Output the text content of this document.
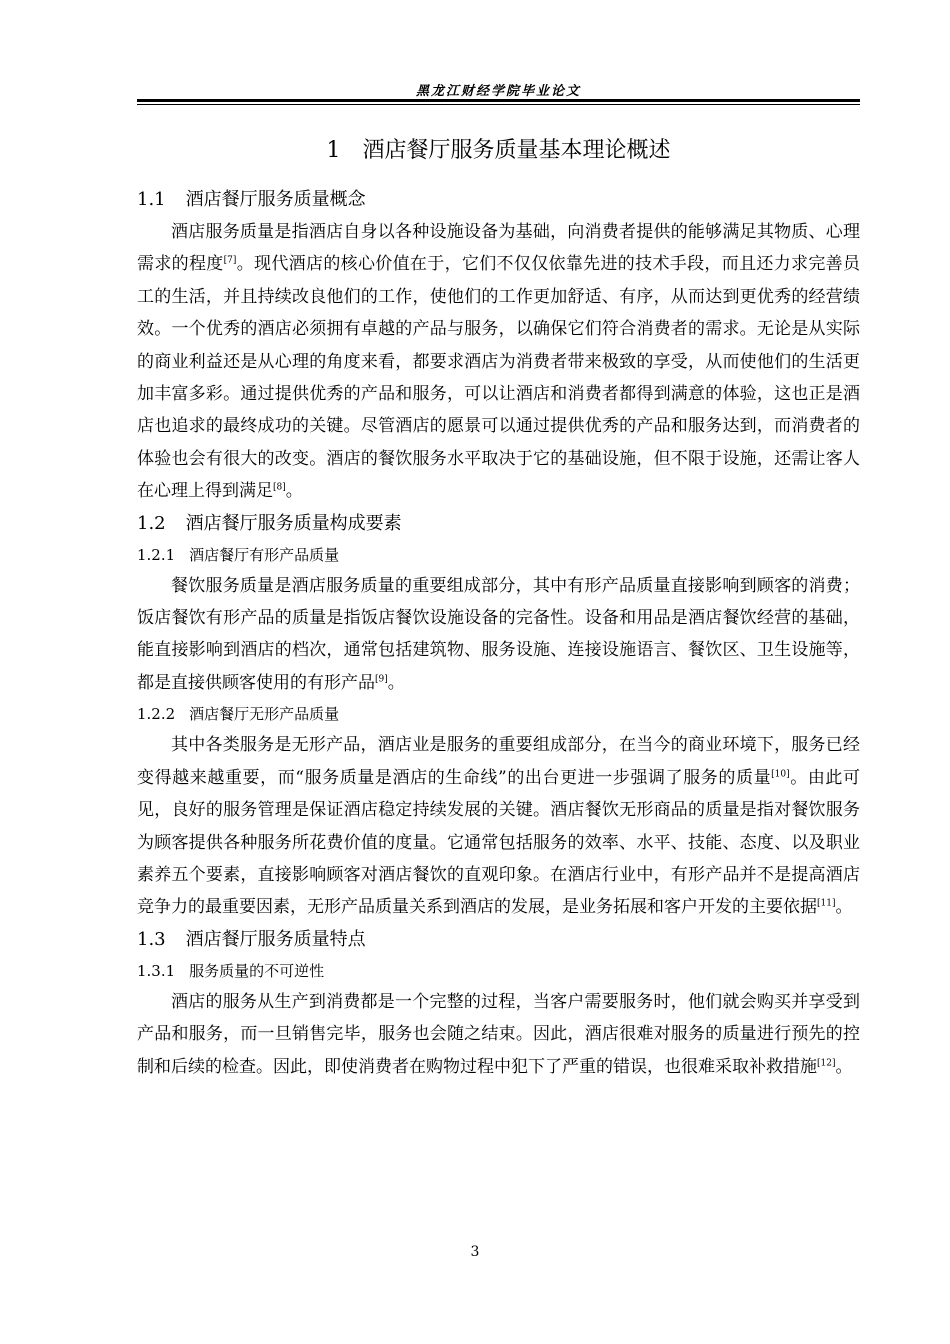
黑龙江财经学院毕业论文
1 酒店餐厅服务质量基本理论概述
1.1 酒店餐厅服务质量概念

酒店服务质量是指酒店自身以各种设施设备为基础，向消费者提供的能够满足其物质、心理需求的程度[7]。现代酒店的核心价值在于，它们不仅仅依靠先进的技术手段，而且还力求完善员工的生活，并且持续改良他们的工作，使他们的工作更加舒适、有序，从而达到更优秀的经营绩效。一个优秀的酒店必须拥有卓越的产品与服务，以确保它们符合消费者的需求。无论是从实际的商业利益还是从心理的角度来看，都要求酒店为消费者带来极致的享受，从而使他们的生活更加丰富多彩。通过提供优秀的产品和服务，可以让酒店和消费者都得到满意的体验，这也正是酒店也追求的最终成功的关键。尽管酒店的愿景可以通过提供优秀的产品和服务达到，而消费者的体验也会有很大的改变。酒店的餐饮服务水平取决于它的基础设施，但不限于设施，还需让客人在心理上得到满足[8]。

1.2 酒店餐厅服务质量构成要素
1.2.1 酒店餐厅有形产品质量

餐饮服务质量是酒店服务质量的重要组成部分，其中有形产品质量直接影响到顾客的消费；饭店餐饮有形产品的质量是指饭店餐饮设施设备的完备性。设备和用品是酒店餐饮经营的基础，能直接影响到酒店的档次，通常包括建筑物、服务设施、连接设施语言、餐饮区、卫生设施等，都是直接供顾客使用的有形产品[9]。

1.2.2 酒店餐厅无形产品质量

其中各类服务是无形产品，酒店业是服务的重要组成部分，在当今的商业环境下，服务已经变得越来越重要，而“服务质量是酒店的生命线”的出台更进一步强调了服务的质量[10]。由此可见，良好的服务管理是保证酒店稳定持续发展的关键。酒店餐饮无形商品的质量是指对餐饮服务为顾客提供各种服务所花费价值的度量。它通常包括服务的效率、水平、技能、态度、以及职业素养五个要素，直接影响顾客对酒店餐饮的直观印象。在酒店行业中，有形产品并不是提高酒店竞争力的最重要因素，无形产品质量关系到酒店的发展，是业务拓展和客户开发的主要依据[11]。

1.3 酒店餐厅服务质量特点
1.3.1 服务质量的不可逆性

酒店的服务从生产到消费都是一个完整的过程，当客户需要服务时，他们就会购买并享受到产品和服务，而一旦销售完毕，服务也会随之结束。因此，酒店很难对服务的质量进行预先的控制和后续的检查。因此，即使消费者在购物过程中犯下了严重的错误，也很难采取补救措施[12]。

3
